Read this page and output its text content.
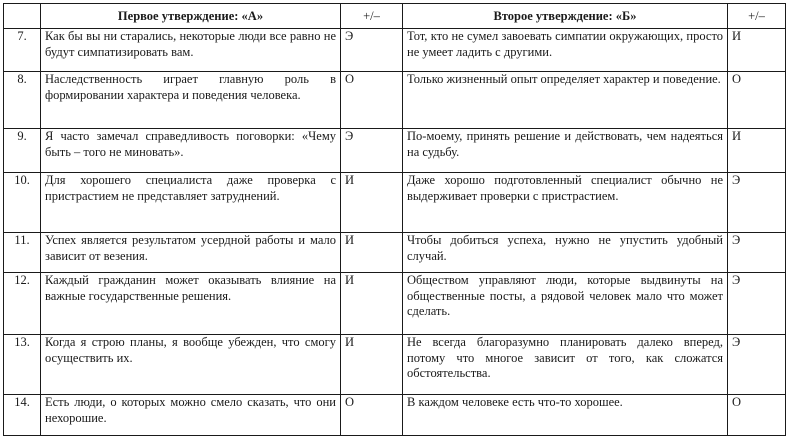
	Первое утверждение: «А»	+/–	Второе утверждение: «Б»	+/–
7.	Как бы вы ни старались, некоторые люди все равно не будут симпатизировать вам.	Э	Тот, кто не сумел завоевать симпатии окружающих, просто не умеет ладить с другими.	И
8.	Наследственность играет главную роль в формировании характера и поведения человека.	О	Только жизненный опыт определяет характер и поведение.	О
9.	Я часто замечал справедливость поговорки: «Чему быть – того не миновать».	Э	По-моему, принять решение и действовать, чем надеяться на судьбу.	И
10.	Для хорошего специалиста даже проверка с пристрастием не представляет затруднений.	И	Даже хорошо подготовленный специалист обычно не выдерживает проверки с пристрастием.	Э
11.	Успех является результатом усердной работы и мало зависит от везения.	И	Чтобы добиться успеха, нужно не упустить удобный случай.	Э
12.	Каждый гражданин может оказывать влияние на важные государственные решения.	И	Обществом управляют люди, которые выдвинуты на общественные посты, а рядовой человек мало что может сделать.	Э
13.	Когда я строю планы, я вообще убежден, что смогу осуществить их.	И	Не всегда благоразумно планировать далеко вперед, потому что многое зависит от того, как сложатся обстоятельства.	Э
14.	Есть люди, о которых можно смело сказать, что они нехорошие.	О	В каждом человеке есть что-то хорошее.	О
